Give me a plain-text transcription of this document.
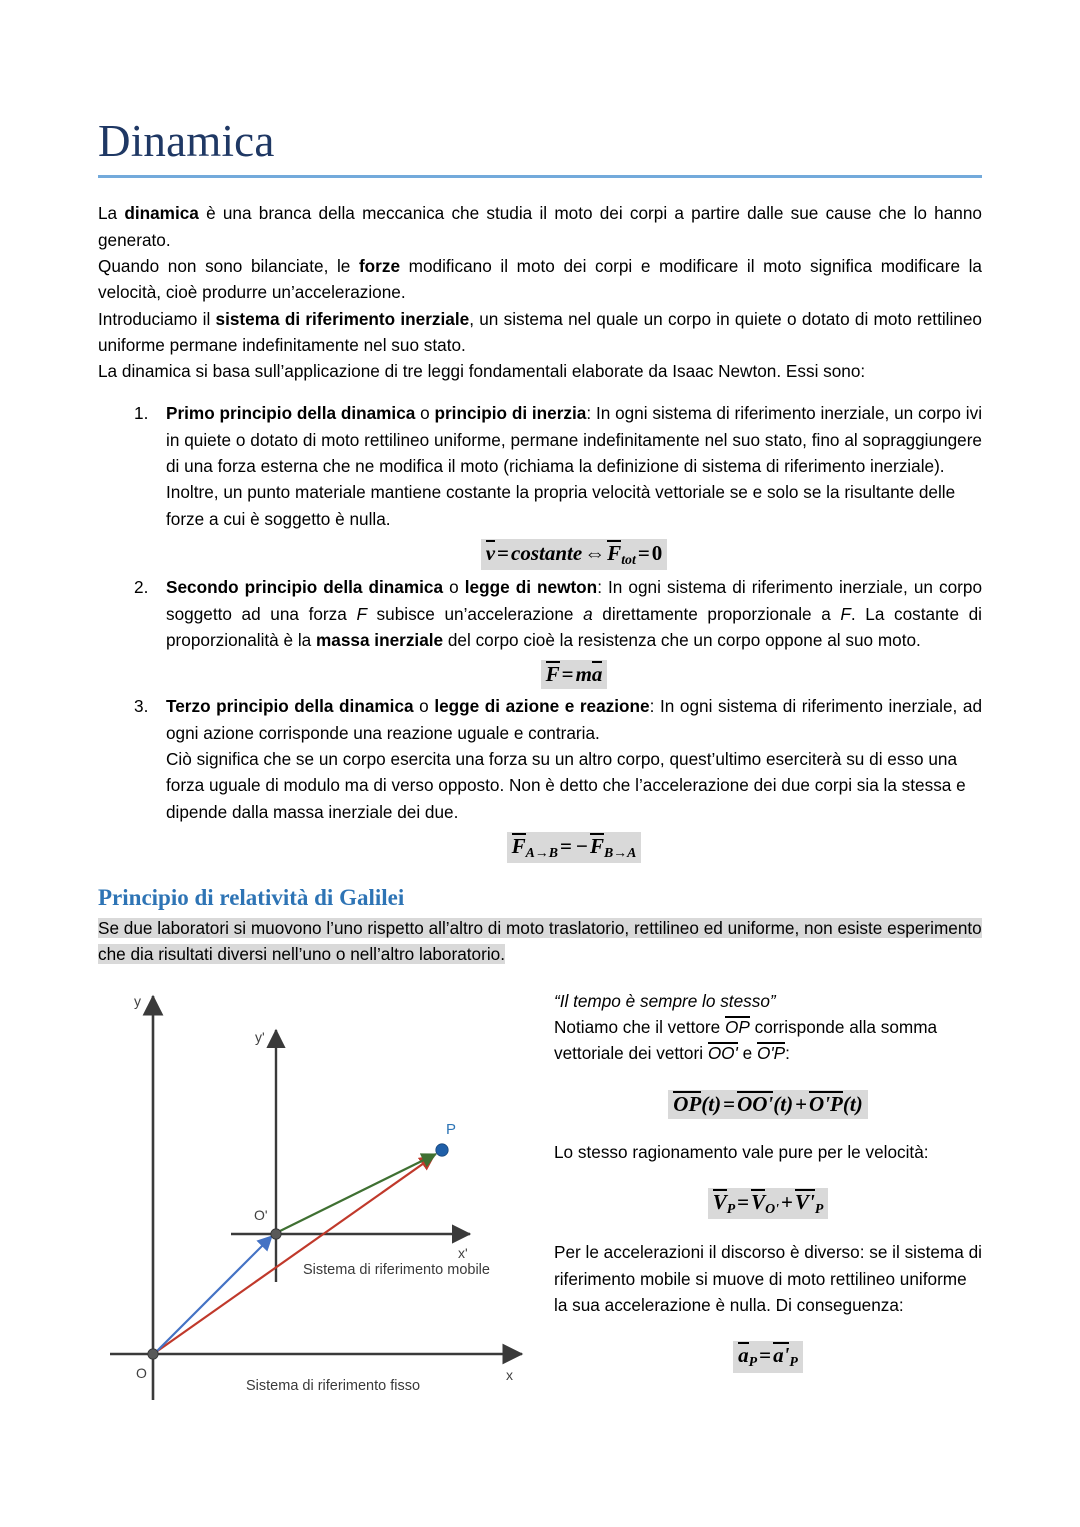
Dinamica

La dinamica è una branca della meccanica che studia il moto dei corpi a partire dalle sue cause che lo hanno generato.

Quando non sono bilanciate, le forze modificano il moto dei corpi e modificare il moto significa modificare la velocità, cioè produrre un’accelerazione.

Introduciamo il sistema di riferimento inerziale, un sistema nel quale un corpo in quiete o dotato di moto rettilineo uniforme permane indefinitamente nel suo stato.

La dinamica si basa sull’applicazione di tre leggi fondamentali elaborate da Isaac Newton. Essi sono:

Primo principio della dinamica o principio di inerzia: In ogni sistema di riferimento inerziale, un corpo ivi in quiete o dotato di moto rettilineo uniforme, permane indefinitamente nel suo stato, fino al sopraggiungere di una forza esterna che ne modifica il moto (richiama la definizione di sistema di riferimento inerziale).

Inoltre, un punto materiale mantiene costante la propria velocità vettoriale se e solo se la risultante delle forze a cui è soggetto è nulla.

$v=costante\Leftrightarrow F_{tot}=0$

Secondo principio della dinamica o legge di newton: In ogni sistema di riferimento inerziale, un corpo soggetto ad una forza F subisce un’accelerazione a direttamente proporzionale a F. La costante di proporzionalità è la massa inerziale del corpo cioè la resistenza che un corpo oppone al suo moto.

F=ma

Terzo principio della dinamica o legge di azione e reazione: In ogni sistema di riferimento inerziale, ad ogni azione corrisponde una reazione uguale e contraria.

Ciò significa che se un corpo esercita una forza su un altro corpo, quest’ultimo eserciterà su di esso una forza uguale di modulo ma di verso opposto. Non è detto che l’accelerazione dei due corpi sia la stessa e dipende dalla massa inerziale dei due.

$F_{A\to B}= -F_{B\to A}$
Principio di relatività di Galilei

Se due laboratori si muovono l’uno rispetto all’altro di moto traslatorio, rettilineo ed uniforme, non esiste esperimento che dia risultati diversi nell’uno o nell’altro laboratorio.

y
x
y'
x'
O
O'
P
Sistema di riferimento mobile
Sistema di riferimento fisso

“Il tempo è sempre lo stesso”

Notiamo che il vettore OP corrisponde alla somma vettoriale dei vettori OO' e O'P:

OP(t)=OO'(t)+O'P(t)

Lo stesso ragionamento vale pure per le velocità:

$V_P=V_{O'}+V'_P$

Per le accelerazioni il discorso è diverso: se il sistema di riferimento mobile si muove di moto rettilineo uniforme la sua accelerazione è nulla. Di conseguenza:

$a_P=a'_P$
